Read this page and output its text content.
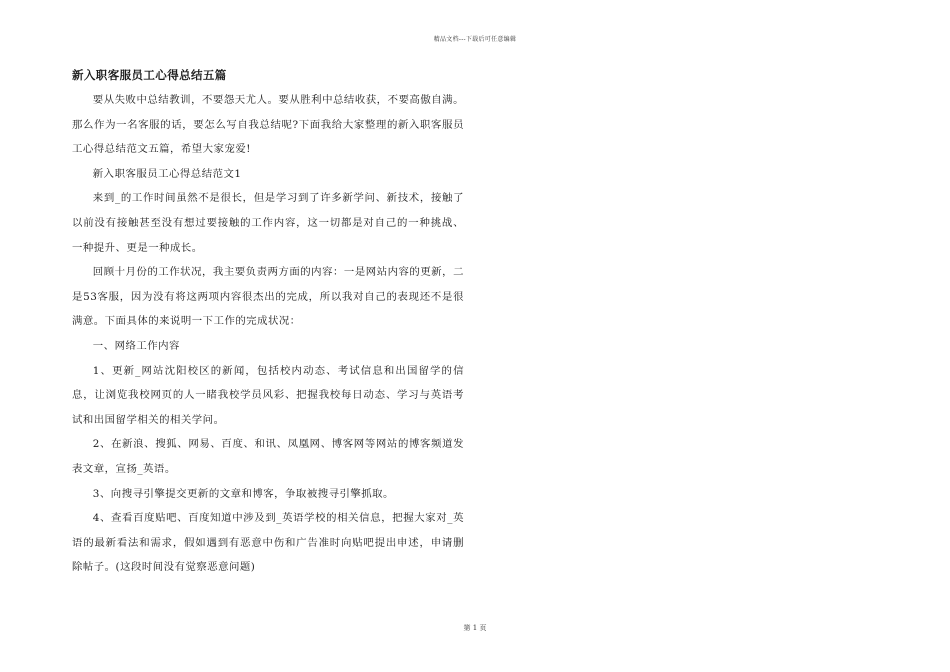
精品文档---下载后可任意编辑
新入职客服员工心得总结五篇

要从失败中总结教训，不要怨天尤人。要从胜利中总结收获，不要高傲自满。那么作为一名客服的话，要怎么写自我总结呢?下面我给大家整理的新入职客服员工心得总结范文五篇，希望大家宠爱!

新入职客服员工心得总结范文1

来到_的工作时间虽然不是很长，但是学习到了许多新学问、新技术，接触了以前没有接触甚至没有想过要接触的工作内容，这一切都是对自己的一种挑战、一种提升、更是一种成长。

回顾十月份的工作状况，我主要负责两方面的内容：一是网站内容的更新，二是53客服，因为没有将这两项内容很杰出的完成，所以我对自己的表现还不是很满意。下面具体的来说明一下工作的完成状况：

一、网络工作内容

1、更新_网站沈阳校区的新闻，包括校内动态、考试信息和出国留学的信息，让浏览我校网页的人一睹我校学员风彩、把握我校每日动态、学习与英语考试和出国留学相关的相关学问。

2、在新浪、搜狐、网易、百度、和讯、凤凰网、博客网等网站的博客频道发表文章，宣扬_英语。

3、向搜寻引擎提交更新的文章和博客，争取被搜寻引擎抓取。

4、查看百度贴吧、百度知道中涉及到_英语学校的相关信息，把握大家对_英语的最新看法和需求，假如遇到有恶意中伤和广告准时向贴吧提出申述，申请删除帖子。(这段时间没有觉察恶意问题)

第 1 页
